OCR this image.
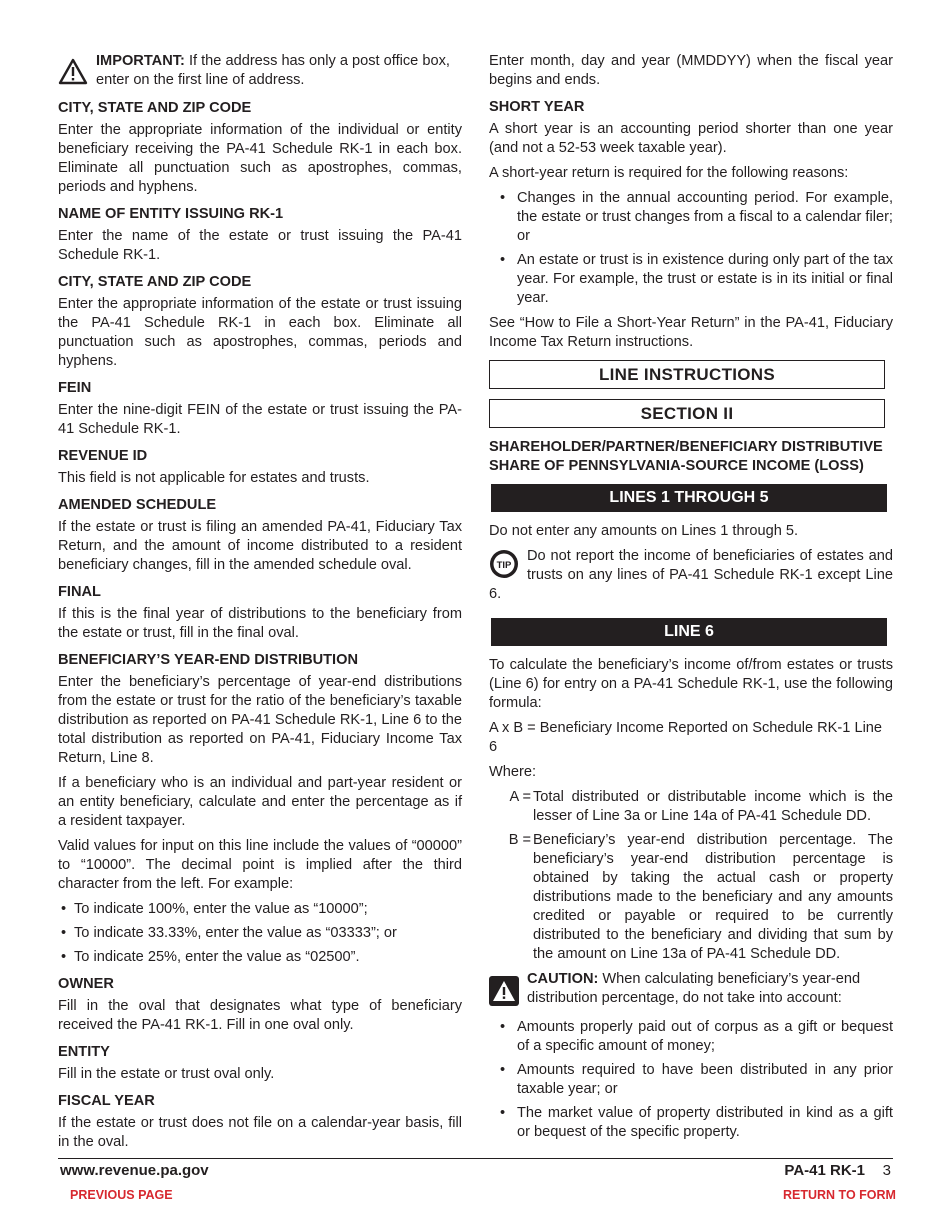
IMPORTANT: If the address has only a post office box, enter on the first line of address.
CITY, STATE AND ZIP CODE

Enter the appropriate information of the individual or entity beneficiary receiving the PA-41 Schedule RK-1 in each box. Eliminate all punctuation such as apostrophes, commas, periods and hyphens.

NAME OF ENTITY ISSUING RK-1

Enter the name of the estate or trust issuing the PA-41 Schedule RK-1.

CITY, STATE AND ZIP CODE

Enter the appropriate information of the estate or trust issuing the PA-41 Schedule RK-1 in each box. Eliminate all punctuation such as apostrophes, commas, periods and hyphens.

FEIN

Enter the nine-digit FEIN of the estate or trust issuing the PA-41 Schedule RK-1.

REVENUE ID

This field is not applicable for estates and trusts.

AMENDED SCHEDULE

If the estate or trust is filing an amended PA-41, Fiduciary Tax Return, and the amount of income distributed to a resident beneficiary changes, fill in the amended schedule oval.

FINAL

If this is the final year of distributions to the beneficiary from the estate or trust, fill in the final oval.

BENEFICIARY’S YEAR-END DISTRIBUTION

Enter the beneficiary’s percentage of year-end distributions from the estate or trust for the ratio of the beneficiary’s taxable distribution as reported on PA-41 Schedule RK-1, Line 6 to the total distribution as reported on PA-41, Fiduciary Income Tax Return, Line 8.

If a beneficiary who is an individual and part-year resident or an entity beneficiary, calculate and enter the percentage as if a resident taxpayer.

Valid values for input on this line include the values of “00000” to “10000”. The decimal point is implied after the third character from the left. For example:

• To indicate 100%, enter the value as “10000”;
• To indicate 33.33%, enter the value as “03333”; or
• To indicate 25%, enter the value as “02500”.
OWNER

Fill in the oval that designates what type of beneficiary received the PA-41 RK-1. Fill in one oval only.

ENTITY

Fill in the estate or trust oval only.

FISCAL YEAR

If the estate or trust does not file on a calendar-year basis, fill in the oval.

Enter month, day and year (MMDDYY) when the fiscal year begins and ends.

SHORT YEAR

A short year is an accounting period shorter than one year (and not a 52-53 week taxable year).

A short-year return is required for the following reasons:

• Changes in the annual accounting period. For example, the estate or trust changes from a fiscal to a calendar filer; or
• An estate or trust is in existence during only part of the tax year. For example, the trust or estate is in its initial or final year.

See “How to File a Short-Year Return” in the PA-41, Fiduciary Income Tax Return instructions.

LINE INSTRUCTIONS
SECTION II
SHAREHOLDER/PARTNER/BENEFICIARY DISTRIBUTIVE SHARE OF PENNSYLVANIA-SOURCE INCOME (LOSS)
LINES 1 THROUGH 5

Do not enter any amounts on Lines 1 through 5.

TIP

Do not report the income of beneficiaries of estates and trusts on any lines of PA-41 Schedule RK-1 except Line 6.

LINE 6

To calculate the beneficiary’s income of/from estates or trusts (Line 6) for entry on a PA-41 Schedule RK-1, use the following formula:

A x B = Beneficiary Income Reported on Schedule RK-1 Line 6

Where:

A = Total distributed or distributable income which is the lesser of Line 3a or Line 14a of PA-41 Schedule DD.
B = Beneficiary’s year-end distribution percentage. The beneficiary’s year-end distribution percentage is obtained by taking the actual cash or property distributions made to the beneficiary and any amounts credited or payable or required to be currently distributed to the beneficiary and dividing that sum by the amount on Line 13a of PA-41 Schedule DD.
CAUTION: When calculating beneficiary’s year-end distribution percentage, do not take into account:
• Amounts properly paid out of corpus as a gift or bequest of a specific amount of money;
• Amounts required to have been distributed in any prior taxable year; or
• The market value of property distributed in kind as a gift or bequest of the specific property.
www.revenue.pa.gov	PA-41 RK-1 3
PREVIOUS PAGE	RETURN TO FORM
